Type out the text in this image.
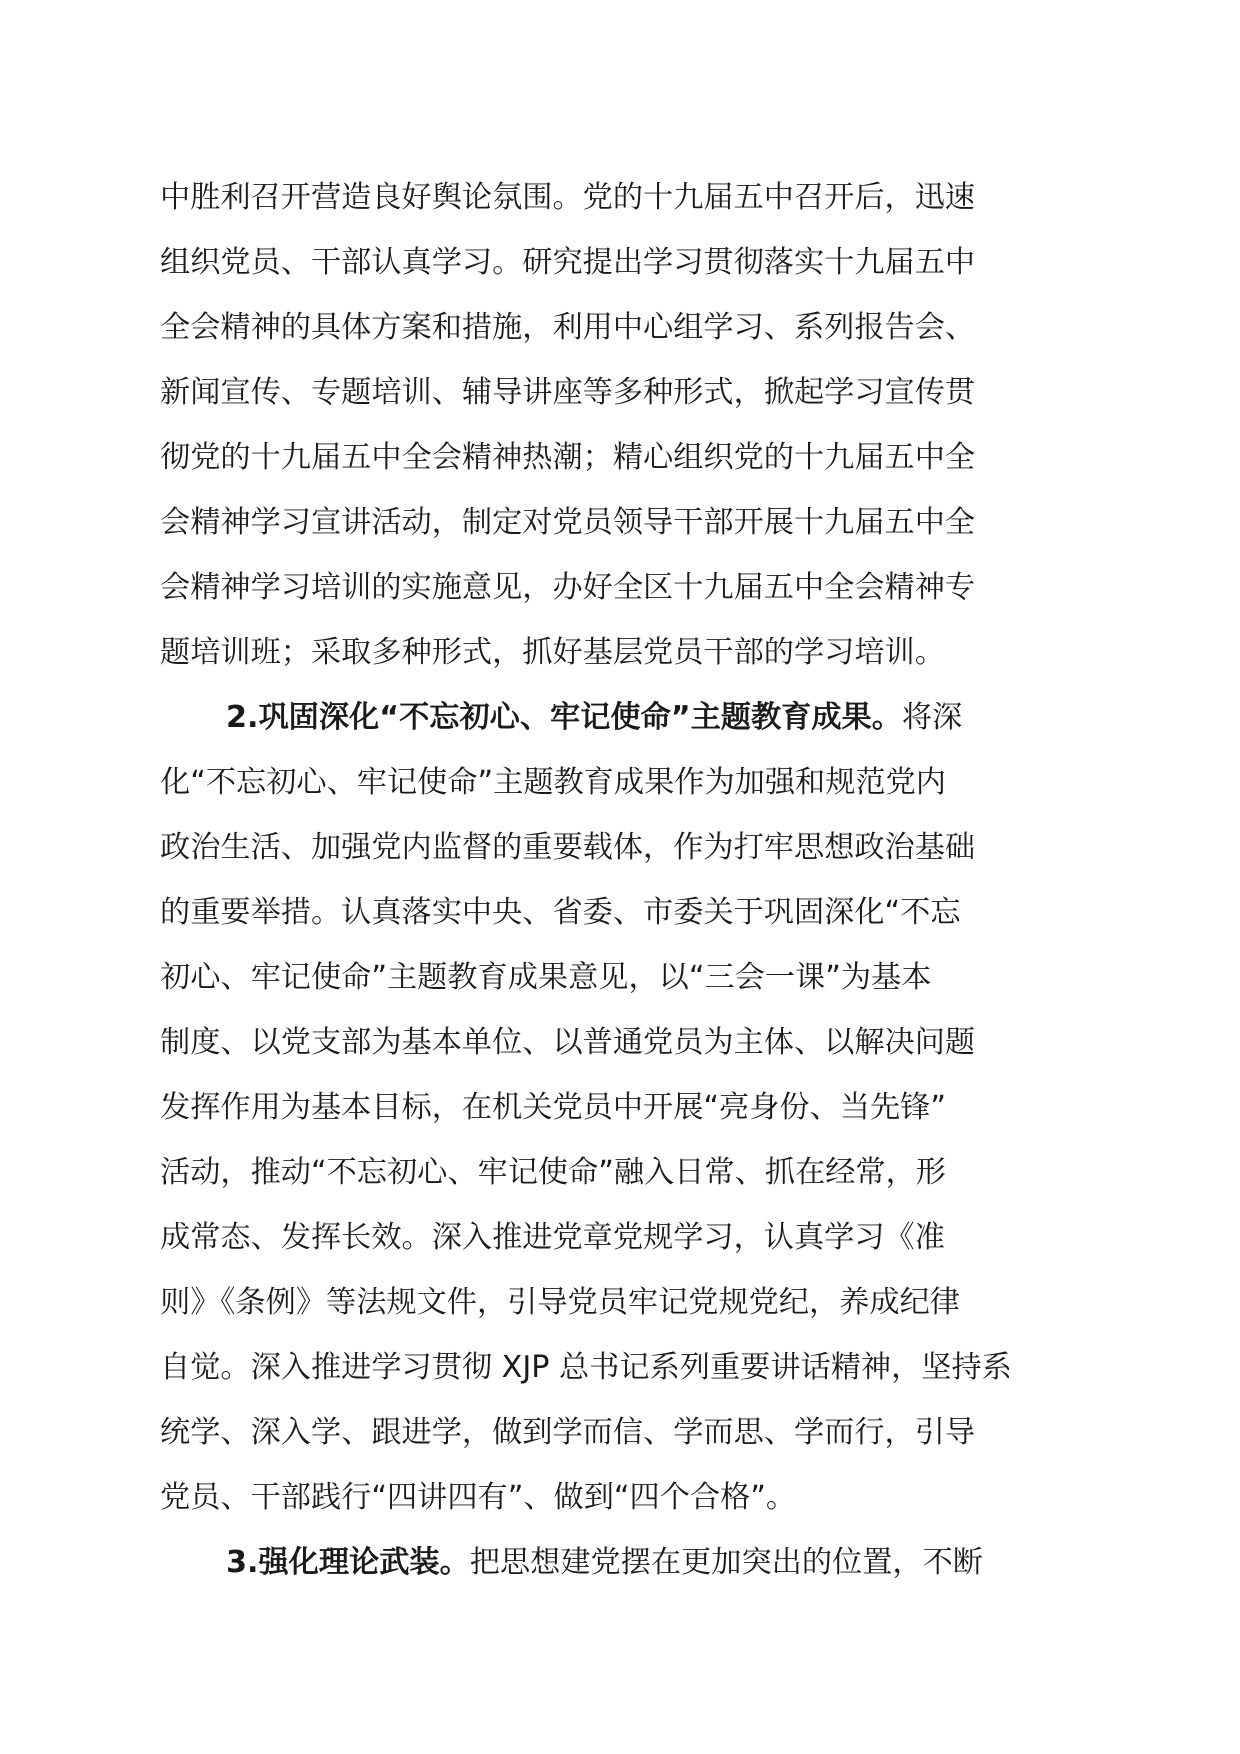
中胜利召开营造良好舆论氛围。党的十九届五中召开后，迅速
组织党员、干部认真学习。研究提出学习贯彻落实十九届五中
全会精神的具体方案和措施，利用中心组学习、系列报告会、
新闻宣传、专题培训、辅导讲座等多种形式，掀起学习宣传贯
彻党的十九届五中全会精神热潮；精心组织党的十九届五中全
会精神学习宣讲活动，制定对党员领导干部开展十九届五中全
会精神学习培训的实施意见，办好全区十九届五中全会精神专
题培训班；采取多种形式，抓好基层党员干部的学习培训。
2.巩固深化“不忘初心、牢记使命”主题教育成果。将深
化“不忘初心、牢记使命”主题教育成果作为加强和规范党内
政治生活、加强党内监督的重要载体，作为打牢思想政治基础
的重要举措。认真落实中央、省委、市委关于巩固深化“不忘
初心、牢记使命”主题教育成果意见，以“三会一课”为基本
制度、以党支部为基本单位、以普通党员为主体、以解决问题
发挥作用为基本目标，在机关党员中开展“亮身份、当先锋”
活动，推动“不忘初心、牢记使命”融入日常、抓在经常，形
成常态、发挥长效。深入推进党章党规学习，认真学习《准
则》《条例》等法规文件，引导党员牢记党规党纪，养成纪律
自觉。深入推进学习贯彻 XJP 总书记系列重要讲话精神，坚持系
统学、深入学、跟进学，做到学而信、学而思、学而行，引导
党员、干部践行“四讲四有”、做到“四个合格”。
3.强化理论武装。把思想建党摆在更加突出的位置，不断
